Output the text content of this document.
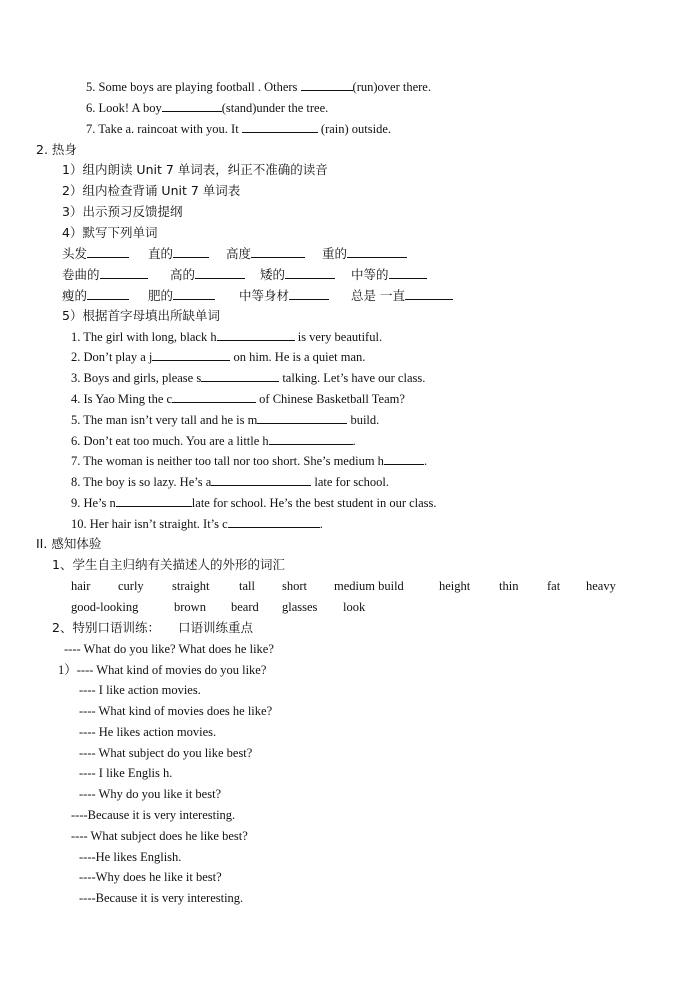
5. Some boys are playing football . Others	(run)over there.
6. Look! A boy	(stand)under the tree.
7. Take a. raincoat with you. It	(rain) outside.
2. 热身
1）组内朗读 Unit 7 单词表，纠正不准确的读音
2）组内检查背诵 Unit 7 单词表
3）出示预习反馈提纲
4）默写下列单词
头发	直的	高度	重的
卷曲的	高的	矮的	中等的
瘦的	肥的	中等身材	总是 一直
5）根据首字母填出所缺单词
1. The girl with long, black h	is very beautiful.
2. Don’t play a j	on him. He is a quiet man.
3. Boys and girls, please s	talking. Let’s have our class.
4. Is Yao Ming the c	of Chinese Basketball Team?
5. The man isn’t very tall and he is m	build.
6. Don’t eat too much. You are a little h	.
7. The woman is neither too tall nor too short. She’s medium h	.
8. The boy is so lazy. He’s a	late for school.
9. He’s n	late for school. He’s the best student in our class.
10. Her hair isn’t straight. It’s c	.
II. 感知体验
1、学生自主归纳有关描述人的外形的词汇
hair curly straight tall short medium build	height thin fat heavy
good-looking	brown beard glasses look
2、特别口语训练： 口语训练重点
---- What do you like? What does he like?
1）---- What kind of movies do you like?
---- I like action movies.
---- What kind of movies does he like?
---- He likes action movies.
---- What subject do you like best?
---- I like Englis h.
---- Why do you like it best?
----Because it is very interesting.
---- What subject does he like best?
----He likes English.
----Why does he like it best?
----Because it is very interesting.
